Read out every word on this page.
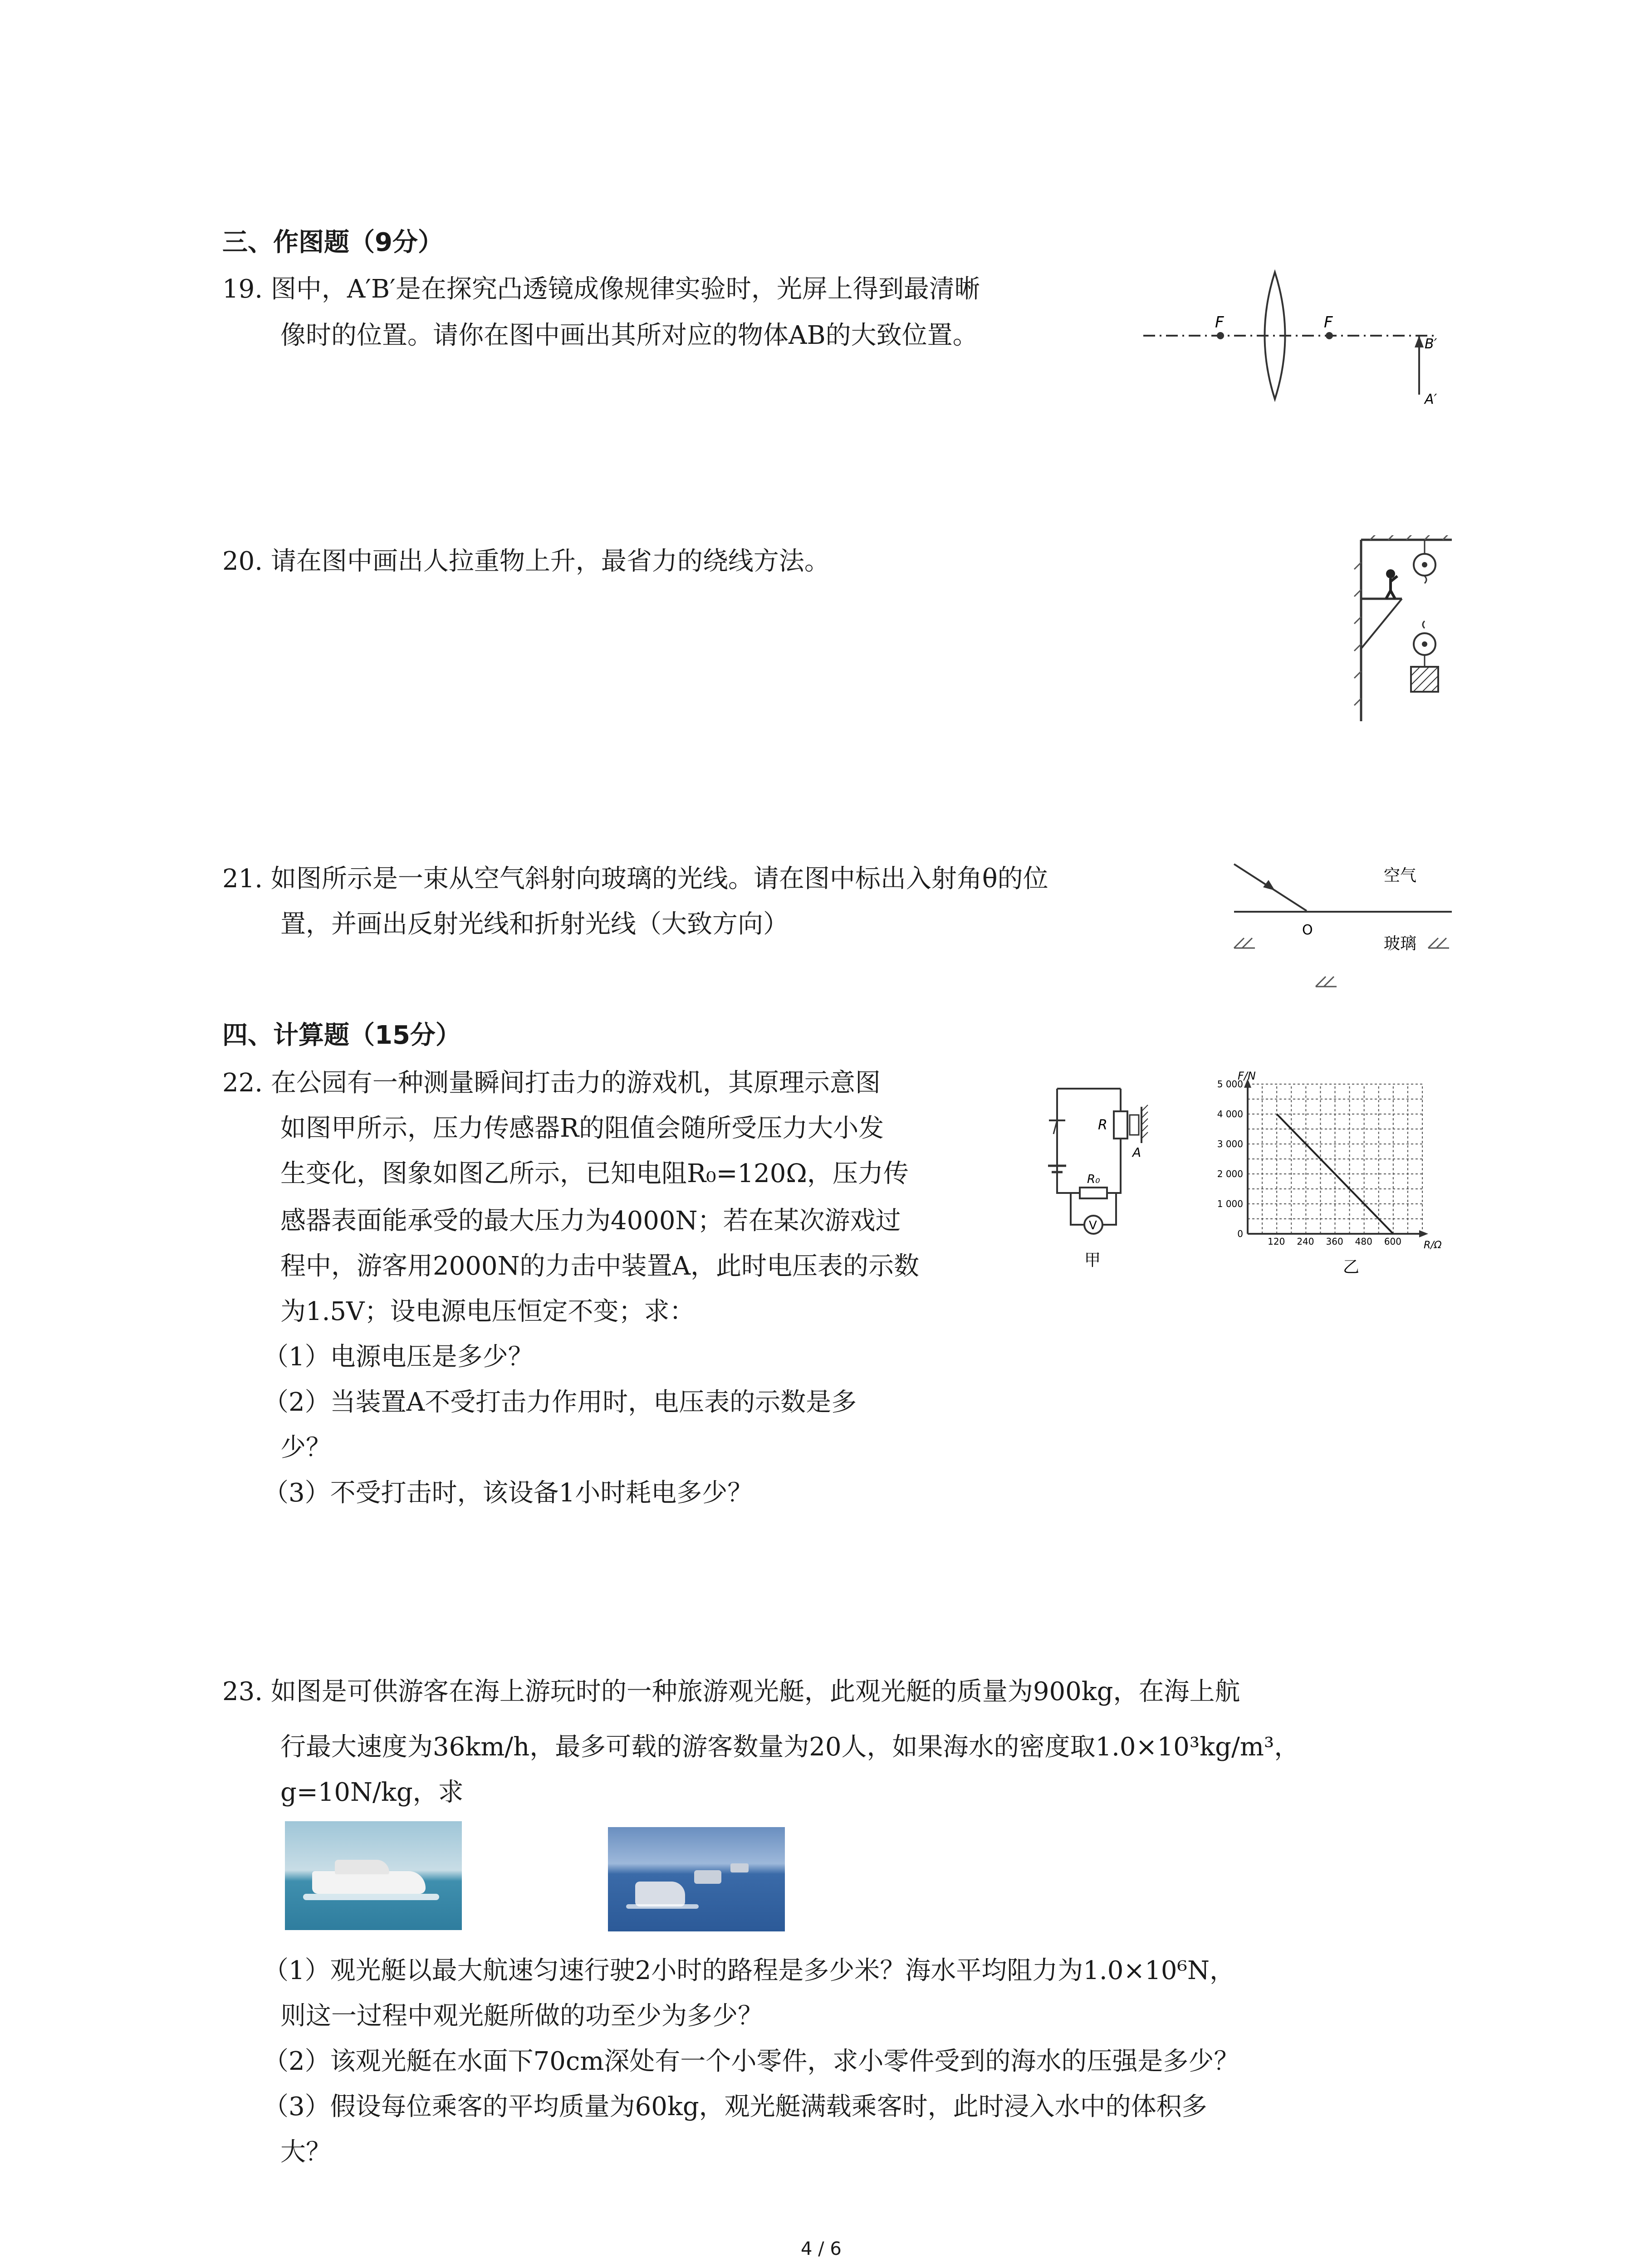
三、作图题（9分）
19. 图中，A′B′是在探究凸透镜成像规律实验时，光屏上得到最清晰
像时的位置。请你在图中画出其所对应的物体AB的大致位置。	F	F
B′
A′
20. 请在图中画出人拉重物上升，最省力的绕线方法。
21. 如图所示是一束从空气斜射向玻璃的光线。请在图中标出入射角θ的位
置，并画出反射光线和折射光线（大致方向）
空气
O
玻璃
四、计算题（15分）
22. 在公园有一种测量瞬间打击力的游戏机，其原理示意图
如图甲所示，压力传感器R的阻值会随所受压力大小发
生变化，图象如图乙所示，已知电阻R₀=120Ω，压力传
感器表面能承受的最大压力为4000N；若在某次游戏过
程中，游客用2000N的力击中装置A，此时电压表的示数
为1.5V；设电源电压恒定不变；求：
（1）电源电压是多少？
（2）当装置A不受打击力作用时，电压表的示数是多
少？
（3）不受打击时，该设备1小时耗电多少？
R
A
R₀
V
甲
120 240 360 480 600
0
1 000
2 000
3 000
4 000
5 000
F/N
R/Ω
乙
23. 如图是可供游客在海上游玩时的一种旅游观光艇，此观光艇的质量为900kg，在海上航
行最大速度为36km/h，最多可载的游客数量为20人，如果海水的密度取1.0×10³kg/m³，
g=10N/kg，求
（1）观光艇以最大航速匀速行驶2小时的路程是多少米？海水平均阻力为1.0×10⁶N，
则这一过程中观光艇所做的功至少为多少？
（2）该观光艇在水面下70cm深处有一个小零件，求小零件受到的海水的压强是多少？
（3）假设每位乘客的平均质量为60kg，观光艇满载乘客时，此时浸入水中的体积多
大？
4 / 6
